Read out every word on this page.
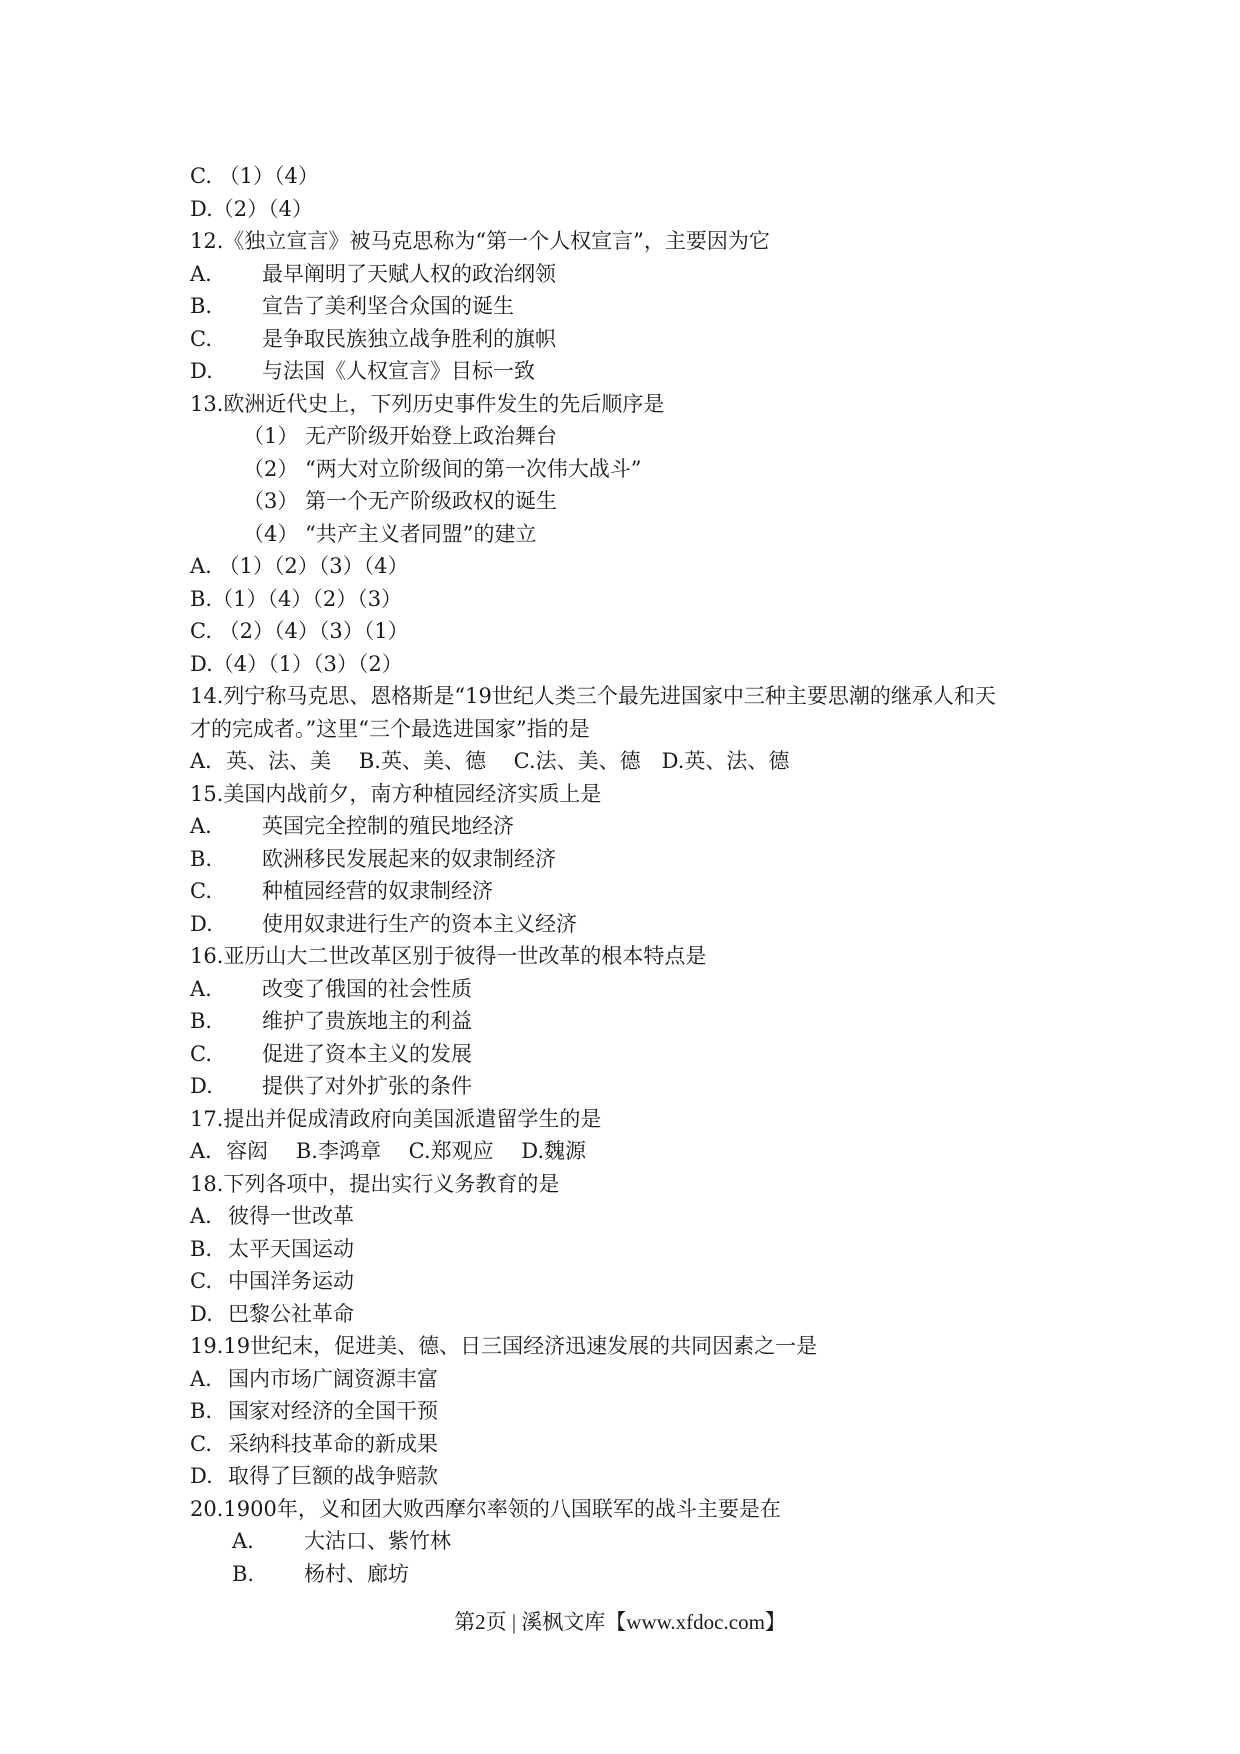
C. （1）（4）
D.（2）（4）
12.《独立宣言》被马克思称为“第一个人权宣言”，主要因为它
A. 最早阐明了天赋人权的政治纲领
B. 宣告了美利坚合众国的诞生
C. 是争取民族独立战争胜利的旗帜
D. 与法国《人权宣言》目标一致
13.欧洲近代史上，下列历史事件发生的先后顺序是
（1） 无产阶级开始登上政治舞台
（2） “两大对立阶级间的第一次伟大战斗”
（3） 第一个无产阶级政权的诞生
（4） “共产主义者同盟”的建立
A. （1）（2）（3）（4）
B.（1）（4）（2）（3）
C. （2）（4）（3）（1）
D.（4）（1）（3）（2）
14.列宁称马克思、恩格斯是“19世纪人类三个最先进国家中三种主要思潮的继承人和天
才的完成者。”这里“三个最选进国家”指的是
A．英、法、美　 B.英、美、德　 C.法、美、德　D.英、法、德
15.美国内战前夕，南方种植园经济实质上是
A. 英国完全控制的殖民地经济
B. 欧洲移民发展起来的奴隶制经济
C. 种植园经营的奴隶制经济
D. 使用奴隶进行生产的资本主义经济
16.亚历山大二世改革区别于彼得一世改革的根本特点是
A. 改变了俄国的社会性质
B. 维护了贵族地主的利益
C. 促进了资本主义的发展
D. 提供了对外扩张的条件
17.提出并促成清政府向美国派遣留学生的是
A．容闳　 B.李鸿章　 C.郑观应　 D.魏源
18.下列各项中，提出实行义务教育的是
A. 彼得一世改革
B. 太平天国运动
C. 中国洋务运动
D. 巴黎公社革命
19.19世纪末，促进美、德、日三国经济迅速发展的共同因素之一是
A. 国内市场广阔资源丰富
B. 国家对经济的全国干预
C. 采纳科技革命的新成果
D. 取得了巨额的战争赔款
20.1900年，义和团大败西摩尔率领的八国联军的战斗主要是在
A. 大沽口、紫竹林
B. 杨村、廊坊
第2页 | 溪枫文库【www.xfdoc.com】
